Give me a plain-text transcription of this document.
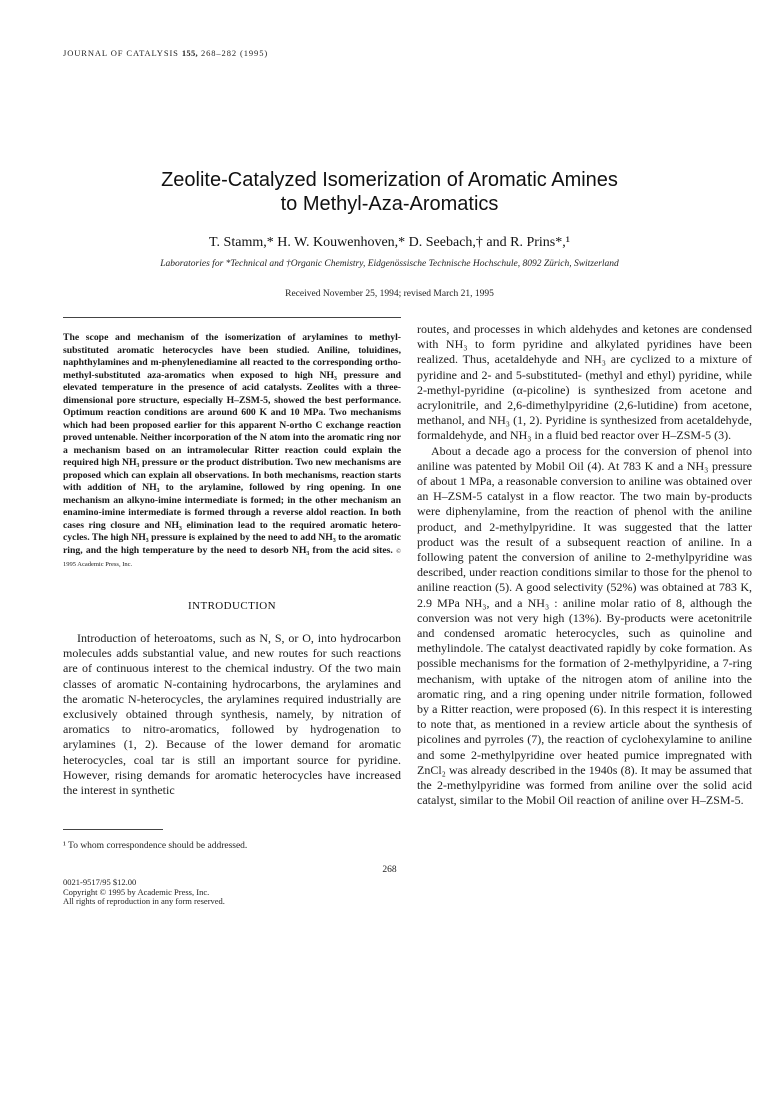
JOURNAL OF CATALYSIS 155, 268–282 (1995)
Zeolite-Catalyzed Isomerization of Aromatic Amines
to Methyl-Aza-Aromatics
T. Stamm,* H. W. Kouwenhoven,* D. Seebach,† and R. Prins*,¹
Laboratories for *Technical and †Organic Chemistry, Eidgenössische Technische Hochschule, 8092 Zürich, Switzerland
Received November 25, 1994; revised March 21, 1995
The scope and mechanism of the isomerization of arylamines to methyl-substituted aromatic heterocycles have been studied. Aniline, toluidines, naphthylamines and m-phenylenediamine all reacted to the corresponding ortho-methyl-substituted aza-aromatics when exposed to high NH₃ pressure and elevated temperature in the presence of acid catalysts. Zeolites with a three-dimensional pore structure, especially H–ZSM-5, showed the best performance. Optimum reaction conditions are around 600 K and 10 MPa. Two mechanisms which had been proposed earlier for this apparent N-ortho C exchange reaction proved untenable. Neither incorporation of the N atom into the aromatic ring nor a mechanism based on an intramolecular Ritter reaction could explain the required high NH₃ pressure or the product distribution. Two new mechanisms are proposed which can explain all observations. In both mechanisms, reaction starts with addition of NH₃ to the arylamine, followed by ring opening. In one mechanism an alkyno-imine intermediate is formed; in the other mechanism an enamino-imine intermediate is formed through a reverse aldol reaction. In both cases ring closure and NH₃ elimination lead to the required aromatic hetero-cycles. The high NH₃ pressure is explained by the need to add NH₃ to the aromatic ring, and the high temperature by the need to desorb NH₃ from the acid sites. © 1995 Academic Press, Inc.
INTRODUCTION

Introduction of heteroatoms, such as N, S, or O, into hydrocarbon molecules adds substantial value, and new routes for such reactions are of continuous interest to the chemical industry. Of the two main classes of aromatic N-containing hydrocarbons, the arylamines and the aromatic N-heterocycles, the arylamines required industrially are exclusively obtained through synthesis, namely, by nitration of aromatics to nitro-aromatics, followed by hydrogenation to arylamines (1, 2). Because of the lower demand for aromatic heterocycles, coal tar is still an important source for pyridine. However, rising demands for aromatic heterocycles have increased the interest in synthetic

routes, and processes in which aldehydes and ketones are condensed with NH₃ to form pyridine and alkylated pyridines have been realized. Thus, acetaldehyde and NH₃ are cyclized to a mixture of pyridine and 2- and 5-substituted- (methyl and ethyl) pyridine, while 2-methyl-pyridine (α-picoline) is synthesized from acetone and acrylonitrile, and 2,6-dimethylpyridine (2,6-lutidine) from acetone, methanol, and NH₃ (1, 2). Pyridine is synthesized from acetaldehyde, formaldehyde, and NH₃ in a fluid bed reactor over H–ZSM-5 (3).

About a decade ago a process for the conversion of phenol into aniline was patented by Mobil Oil (4). At 783 K and a NH₃ pressure of about 1 MPa, a reasonable conversion to aniline was obtained over an H–ZSM-5 catalyst in a flow reactor. The two main by-products were diphenylamine, from the reaction of phenol with the aniline product, and 2-methylpyridine. It was suggested that the latter product was the result of a subsequent reaction of aniline. In a following patent the conversion of aniline to 2-methylpyridine was described, under reaction conditions similar to those for the phenol to aniline reaction (5). A good selectivity (52%) was obtained at 783 K, 2.9 MPa NH₃, and a NH₃ : aniline molar ratio of 8, although the conversion was not very high (13%). By-products were acetonitrile and condensed aromatic heterocycles, such as quinoline and methylindole. The catalyst deactivated rapidly by coke formation. As possible mechanisms for the formation of 2-methylpyridine, a 7-ring mechanism, with uptake of the nitrogen atom of aniline into the aromatic ring, and a ring opening under nitrile formation, followed by a Ritter reaction, were proposed (6). In this respect it is interesting to note that, as mentioned in a review article about the synthesis of picolines and pyrroles (7), the reaction of cyclohexylamine to aniline and some 2-methylpyridine over heated pumice impregnated with ZnCl₂ was already described in the 1940s (8). It may be assumed that the 2-methylpyridine was formed from aniline over the solid acid catalyst, similar to the Mobil Oil reaction of aniline over H–ZSM-5.

¹ To whom correspondence should be addressed.
268
0021-9517/95 $12.00
Copyright © 1995 by Academic Press, Inc.
All rights of reproduction in any form reserved.
